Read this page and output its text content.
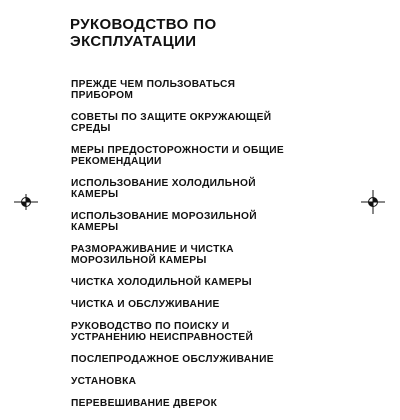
РУКОВОДСТВО ПО
ЭКСПЛУАТАЦИИ
ПРЕЖДЕ ЧЕМ ПОЛЬЗОВАТЬСЯ
ПРИБОРОМ
СОВЕТЫ ПО ЗАЩИТЕ ОКРУЖАЮЩЕЙ
СРЕДЫ
МЕРЫ ПРЕДОСТОРОЖНОСТИ И ОБЩИЕ
РЕКОМЕНДАЦИИ
ИСПОЛЬЗОВАНИЕ ХОЛОДИЛЬНОЙ
КАМЕРЫ
ИСПОЛЬЗОВАНИЕ МОРОЗИЛЬНОЙ
КАМЕРЫ
РАЗМОРАЖИВАНИЕ И ЧИСТКА
МОРОЗИЛЬНОЙ КАМЕРЫ
ЧИСТКА ХОЛОДИЛЬНОЙ КАМЕРЫ
ЧИСТКА И ОБСЛУЖИВАНИЕ
РУКОВОДСТВО ПО ПОИСКУ И
УСТРАНЕНИЮ НЕИСПРАВНОСТЕЙ
ПОСЛЕПРОДАЖНОЕ ОБСЛУЖИВАНИЕ
УСТАНОВКА
ПЕРЕВЕШИВАНИЕ ДВЕРОК
